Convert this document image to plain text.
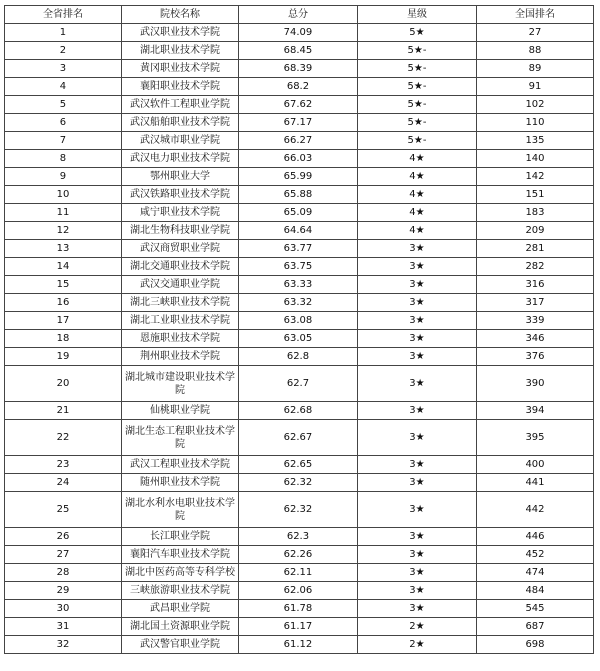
全省排名	院校名称	总分	星级	全国排名
1	武汉职业技术学院	74.09	5★	27
2	湖北职业技术学院	68.45	5★-	88
3	黄冈职业技术学院	68.39	5★-	89
4	襄阳职业技术学院	68.2	5★-	91
5	武汉软件工程职业学院	67.62	5★-	102
6	武汉船舶职业技术学院	67.17	5★-	110
7	武汉城市职业学院	66.27	5★-	135
8	武汉电力职业技术学院	66.03	4★	140
9	鄂州职业大学	65.99	4★	142
10	武汉铁路职业技术学院	65.88	4★	151
11	咸宁职业技术学院	65.09	4★	183
12	湖北生物科技职业学院	64.64	4★	209
13	武汉商贸职业学院	63.77	3★	281
14	湖北交通职业技术学院	63.75	3★	282
15	武汉交通职业学院	63.33	3★	316
16	湖北三峡职业技术学院	63.32	3★	317
17	湖北工业职业技术学院	63.08	3★	339
18	恩施职业技术学院	63.05	3★	346
19	荆州职业技术学院	62.8	3★	376
20	湖北城市建设职业技术学院	62.7	3★	390
21	仙桃职业学院	62.68	3★	394
22	湖北生态工程职业技术学院	62.67	3★	395
23	武汉工程职业技术学院	62.65	3★	400
24	随州职业技术学院	62.32	3★	441
25	湖北水利水电职业技术学院	62.32	3★	442
26	长江职业学院	62.3	3★	446
27	襄阳汽车职业技术学院	62.26	3★	452
28	湖北中医药高等专科学校	62.11	3★	474
29	三峡旅游职业技术学院	62.06	3★	484
30	武昌职业学院	61.78	3★	545
31	湖北国土资源职业学院	61.17	2★	687
32	武汉警官职业学院	61.12	2★	698
